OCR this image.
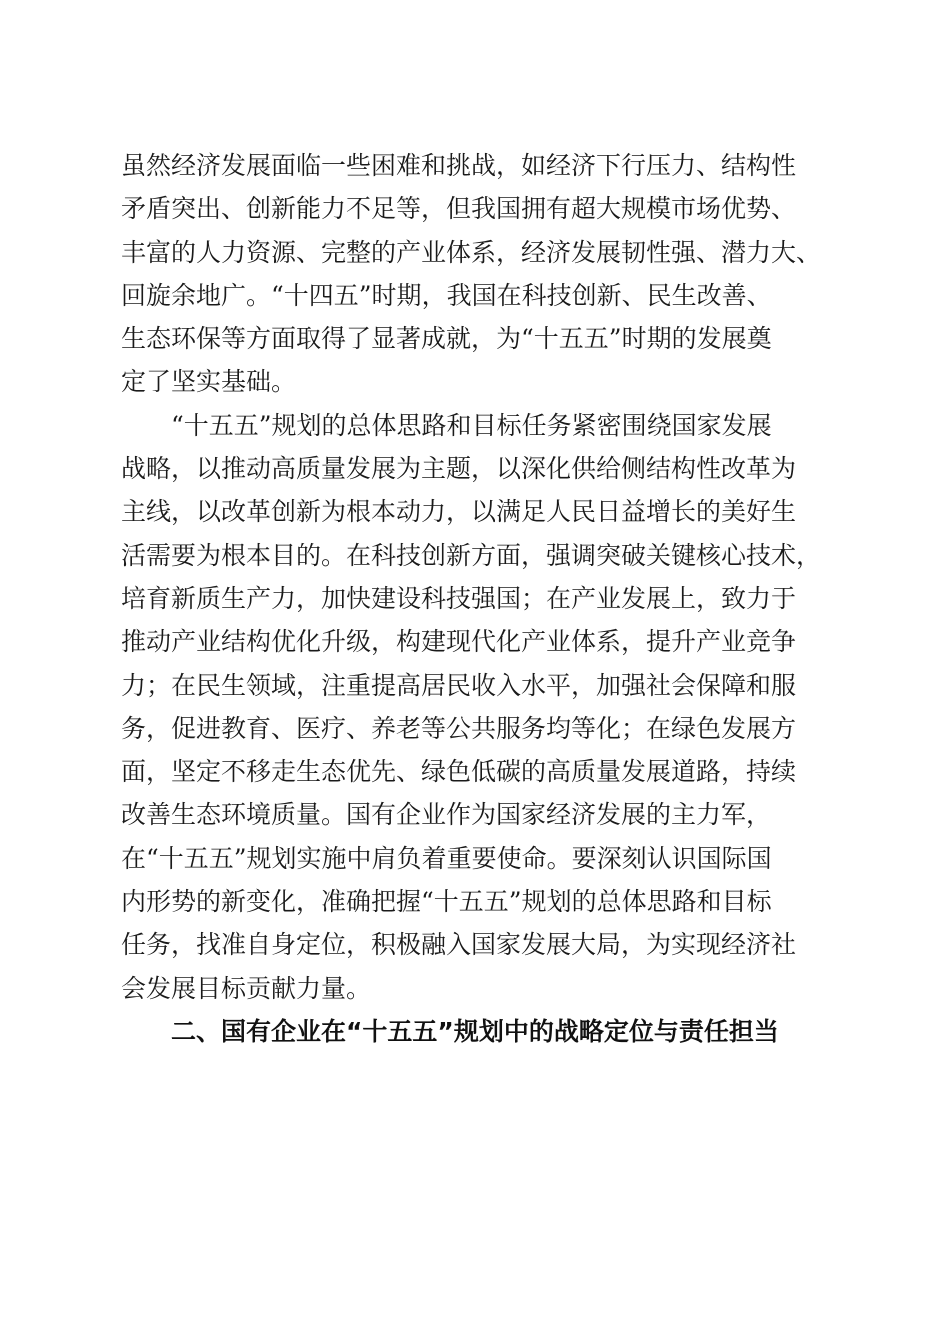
虽然经济发展面临一些困难和挑战，如经济下行压力、结构性
矛盾突出、创新能力不足等，但我国拥有超大规模市场优势、
丰富的人力资源、完整的产业体系，经济发展韧性强、潜力大、
回旋余地广。“十四五”时期，我国在科技创新、民生改善、
生态环保等方面取得了显著成就，为“十五五”时期的发展奠
定了坚实基础。
“十五五”规划的总体思路和目标任务紧密围绕国家发展
战略，以推动高质量发展为主题，以深化供给侧结构性改革为
主线，以改革创新为根本动力，以满足人民日益增长的美好生
活需要为根本目的。在科技创新方面，强调突破关键核心技术，
培育新质生产力，加快建设科技强国；在产业发展上，致力于
推动产业结构优化升级，构建现代化产业体系，提升产业竞争
力；在民生领域，注重提高居民收入水平，加强社会保障和服
务，促进教育、医疗、养老等公共服务均等化；在绿色发展方
面，坚定不移走生态优先、绿色低碳的高质量发展道路，持续
改善生态环境质量。国有企业作为国家经济发展的主力军，
在“十五五”规划实施中肩负着重要使命。要深刻认识国际国
内形势的新变化，准确把握“十五五”规划的总体思路和目标
任务，找准自身定位，积极融入国家发展大局，为实现经济社
会发展目标贡献力量。
二、国有企业在“十五五”规划中的战略定位与责任担当
